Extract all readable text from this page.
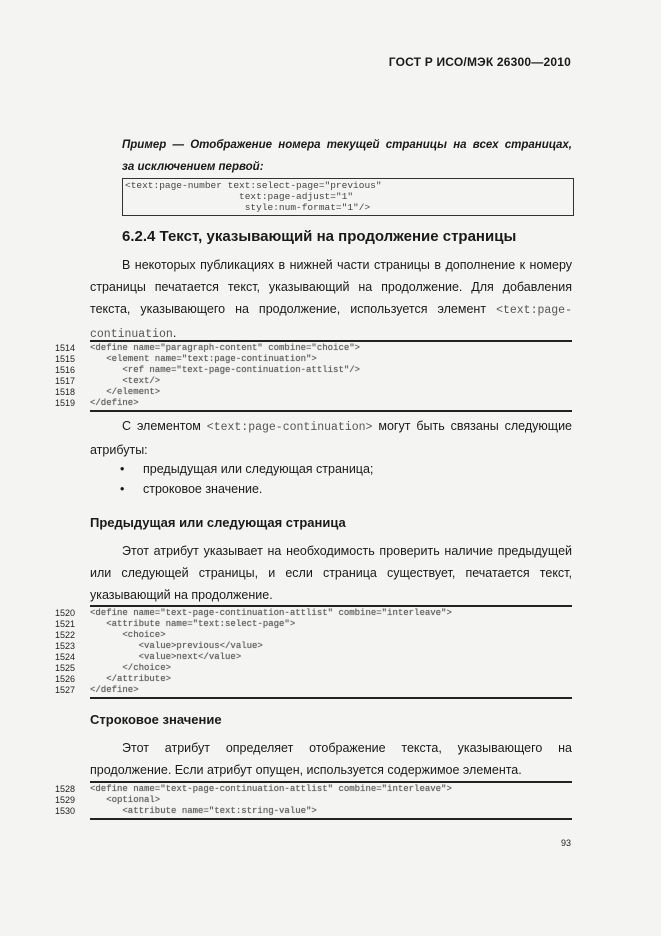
ГОСТ Р ИСО/МЭК 26300—2010
Пример — Отображение номера текущей страницы на всех страницах,
за исключением первой:
<text:page-number text:select-page="previous"
text:page-adjust="1"
style:num-format="1"/>
6.2.4 Текст, указывающий на продолжение страницы
В некоторых публикациях в нижней части страницы в дополнение к номеру
страницы печатается текст, указывающий на продолжение. Для добавления
текста, указывающего на продолжение, используется элемент <text:page-
continuation.
1514	<define name="paragraph-content" combine="choice">
1515	<element name="text:page-continuation">
1516	<ref name="text-page-continuation-attlist"/>
1517	<text/>
1518	</element>
1519	</define>
С элементом <text:page-continuation> могут быть связаны следующие
атрибуты:
• предыдущая или следующая страница;
• строковое значение.
Предыдущая или следующая страница
Этот атрибут указывает на необходимость проверить наличие предыдущей
или следующей страницы, и если страница существует, печатается текст,
указывающий на продолжение.
1520	<define name="text-page-continuation-attlist" combine="interleave">
1521	<attribute name="text:select-page">
1522	<choice>
1523	<value>previous</value>
1524	<value>next</value>
1525	</choice>
1526	</attribute>
1527	</define>
Строковое значение
Этот атрибут определяет отображение текста, указывающего на
продолжение. Если атрибут опущен, используется содержимое элемента.
1528	<define name="text-page-continuation-attlist" combine="interleave">
1529	<optional>
1530	<attribute name="text:string-value">
93
